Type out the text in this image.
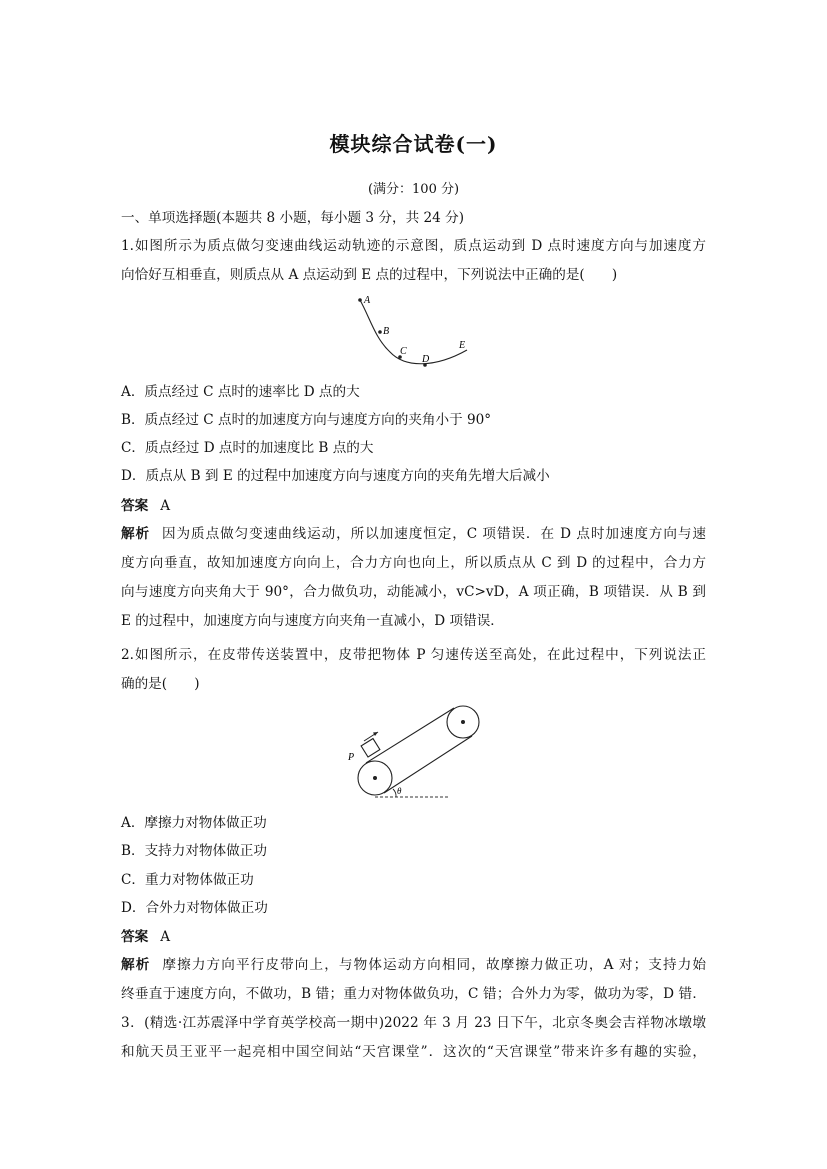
模块综合试卷(一)
(满分：100 分)
一、单项选择题(本题共 8 小题，每小题 3 分，共 24 分)
1.如图所示为质点做匀变速曲线运动轨迹的示意图，质点运动到 D 点时速度方向与加速度方
向恰好互相垂直，则质点从 A 点运动到 E 点的过程中，下列说法中正确的是(　　)
A
B
C
D
E
A．质点经过 C 点时的速率比 D 点的大
B．质点经过 C 点时的加速度方向与速度方向的夹角小于 90°
C．质点经过 D 点时的加速度比 B 点的大
D．质点从 B 到 E 的过程中加速度方向与速度方向的夹角先增大后减小
答案 A
解析 因为质点做匀变速曲线运动，所以加速度恒定，C 项错误．在 D 点时加速度方向与速
度方向垂直，故知加速度方向向上，合力方向也向上，所以质点从 C 到 D 的过程中，合力方
向与速度方向夹角大于 90°，合力做负功，动能减小，vC>vD，A 项正确，B 项错误．从 B 到
E 的过程中，加速度方向与速度方向夹角一直减小，D 项错误．
2.如图所示，在皮带传送装置中，皮带把物体 P 匀速传送至高处，在此过程中，下列说法正
确的是(　　)
P
θ
A．摩擦力对物体做正功
B．支持力对物体做正功
C．重力对物体做正功
D．合外力对物体做正功
答案 A
解析 摩擦力方向平行皮带向上，与物体运动方向相同，故摩擦力做正功，A 对；支持力始
终垂直于速度方向，不做功，B 错；重力对物体做负功，C 错；合外力为零，做功为零，D 错．
3．(精选·江苏震泽中学育英学校高一期中)2022 年 3 月 23 日下午，北京冬奥会吉祥物冰墩墩
和航天员王亚平一起亮相中国空间站“天宫课堂”．这次的“天宫课堂”带来许多有趣的实验，
